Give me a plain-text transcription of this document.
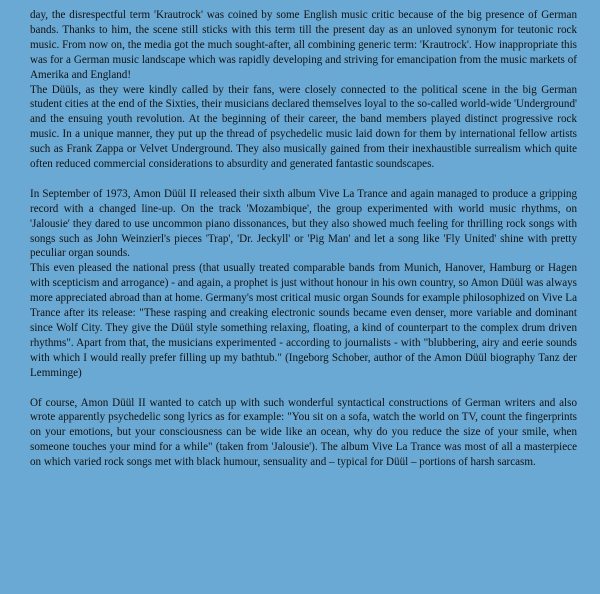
day, the disrespectful term 'Krautrock' was coined by some English music critic because of the big presence of German bands. Thanks to him, the scene still sticks with this term till the present day as an unloved synonym for teutonic rock music. From now on, the media got the much sought-after, all combining generic term: 'Krautrock'. How inappropriate this was for a German music landscape which was rapidly developing and striving for emancipation from the music markets of Amerika and England!

The Düüls, as they were kindly called by their fans, were closely connected to the political scene in the big German student cities at the end of the Sixties, their musicians declared themselves loyal to the so-called world-wide 'Underground' and the ensuing youth revolution. At the beginning of their career, the band members played distinct progressive rock music. In a unique manner, they put up the thread of psychedelic music laid down for them by international fellow artists such as Frank Zappa or Velvet Underground. They also musically gained from their inexhaustible surrealism which quite often reduced commercial considerations to absurdity and generated fantastic soundscapes.

In September of 1973, Amon Düül II released their sixth album Vive La Trance and again managed to produce a gripping record with a changed line-up. On the track 'Mozambique', the group experimented with world music rhythms, on 'Jalousie' they dared to use uncommon piano dissonances, but they also showed much feeling for thrilling rock songs with songs such as John Weinzierl's pieces 'Trap', 'Dr. Jeckyll' or 'Pig Man' and let a song like 'Fly United' shine with pretty peculiar organ sounds.

This even pleased the national press (that usually treated comparable bands from Munich, Hanover, Hamburg or Hagen with scepticism and arrogance) - and again, a prophet is just without honour in his own country, so Amon Düül was always more appreciated abroad than at home. Germany's most critical music organ Sounds for example philosophized on Vive La Trance after its release: "These rasping and creaking electronic sounds became even denser, more variable and dominant since Wolf City. They give the Düül style something relaxing, floating, a kind of counterpart to the complex drum driven rhythms". Apart from that, the musicians experimented - according to journalists - with "blubbering, airy and eerie sounds with which I would really prefer filling up my bathtub." (Ingeborg Schober, author of the Amon Düül biography Tanz der Lemminge)

Of course, Amon Düül II wanted to catch up with such wonderful syntactical constructions of German writers and also wrote apparently psychedelic song lyrics as for example: "You sit on a sofa, watch the world on TV, count the fingerprints on your emotions, but your consciousness can be wide like an ocean, why do you reduce the size of your smile, when someone touches your mind for a while" (taken from 'Jalousie'). The album Vive La Trance was most of all a masterpiece on which varied rock songs met with black humour, sensuality and – typical for Düül – portions of harsh sarcasm.
